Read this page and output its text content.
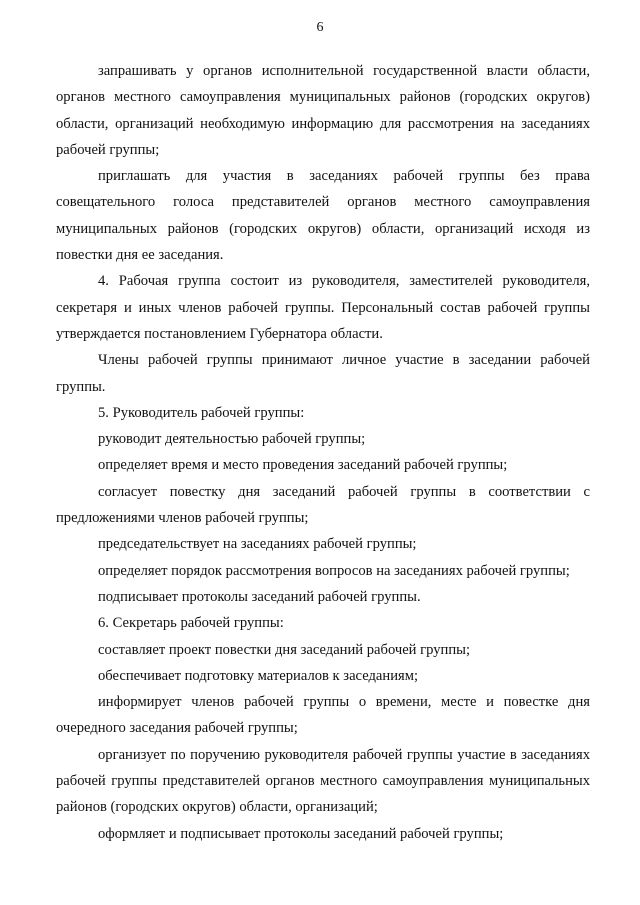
6

запрашивать у органов исполнительной государственной власти области, органов местного самоуправления муниципальных районов (городских округов) области, организаций необходимую информацию для рассмотрения на заседаниях рабочей группы;

приглашать для участия в заседаниях рабочей группы без права совещательного голоса представителей органов местного самоуправления муниципальных районов (городских округов) области, организаций исходя из повестки дня ее заседания.

4. Рабочая группа состоит из руководителя, заместителей руководителя, секретаря и иных членов рабочей группы. Персональный состав рабочей группы утверждается постановлением Губернатора области.

Члены рабочей группы принимают личное участие в заседании рабочей группы.

5. Руководитель рабочей группы:

руководит деятельностью рабочей группы;

определяет время и место проведения заседаний рабочей группы;

согласует повестку дня заседаний рабочей группы в соответствии с предложениями членов рабочей группы;

председательствует на заседаниях рабочей группы;

определяет порядок рассмотрения вопросов на заседаниях рабочей группы;

подписывает протоколы заседаний рабочей группы.

6. Секретарь рабочей группы:

составляет проект повестки дня заседаний рабочей группы;

обеспечивает подготовку материалов к заседаниям;

информирует членов рабочей группы о времени, месте и повестке дня очередного заседания рабочей группы;

организует по поручению руководителя рабочей группы участие в заседаниях рабочей группы представителей органов местного самоуправления муниципальных районов (городских округов) области, организаций;

оформляет и подписывает протоколы заседаний рабочей группы;
